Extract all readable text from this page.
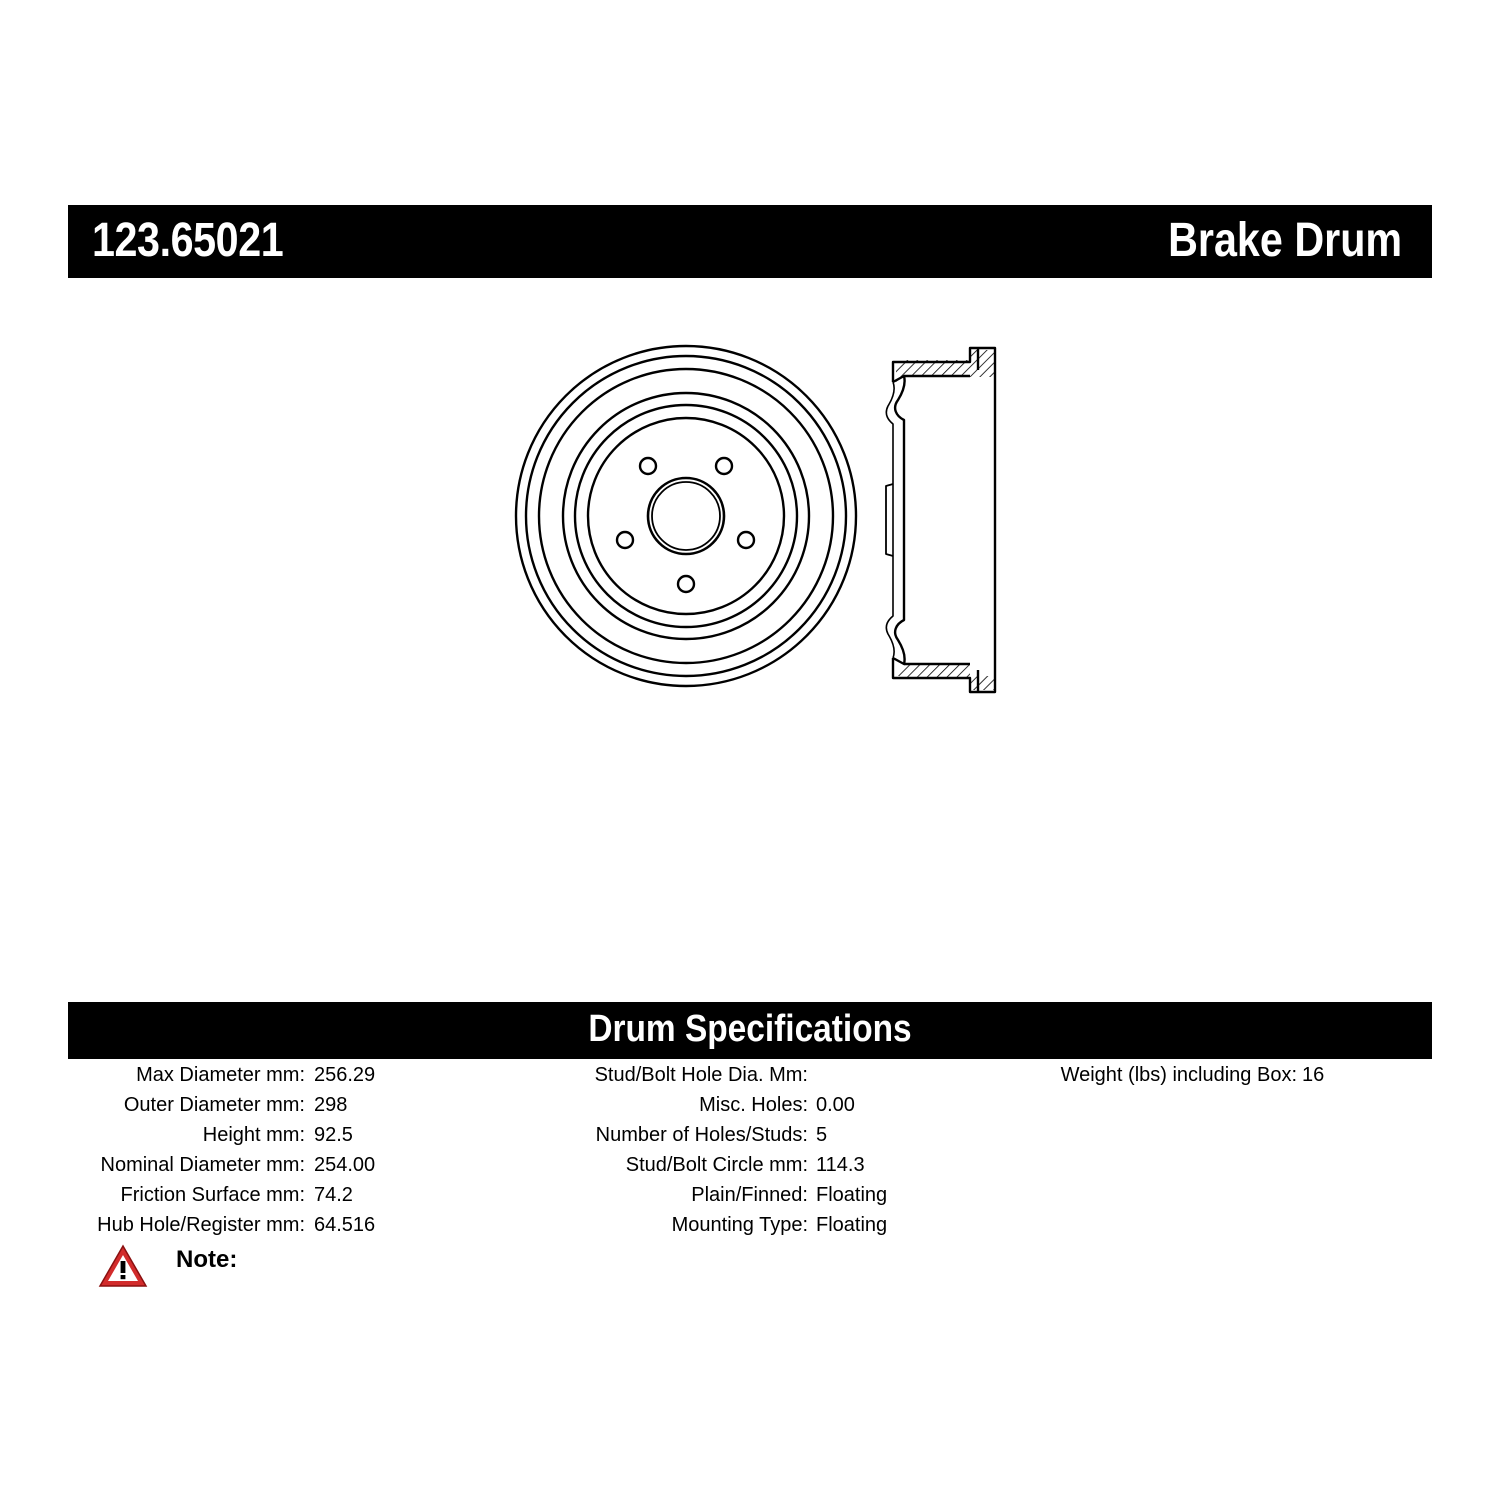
123.65021	Brake Drum
Drum Specifications
Max Diameter mm: 256.29
Outer Diameter mm: 298
Height mm: 92.5
Nominal Diameter mm: 254.00
Friction Surface mm: 74.2
Hub Hole/Register mm: 64.516
Stud/Bolt Hole Dia. Mm:
Misc. Holes: 0.00
Number of Holes/Studs: 5
Stud/Bolt Circle mm: 114.3
Plain/Finned: Floating
Mounting Type: Floating
Weight (lbs) including Box: 16
Note:
